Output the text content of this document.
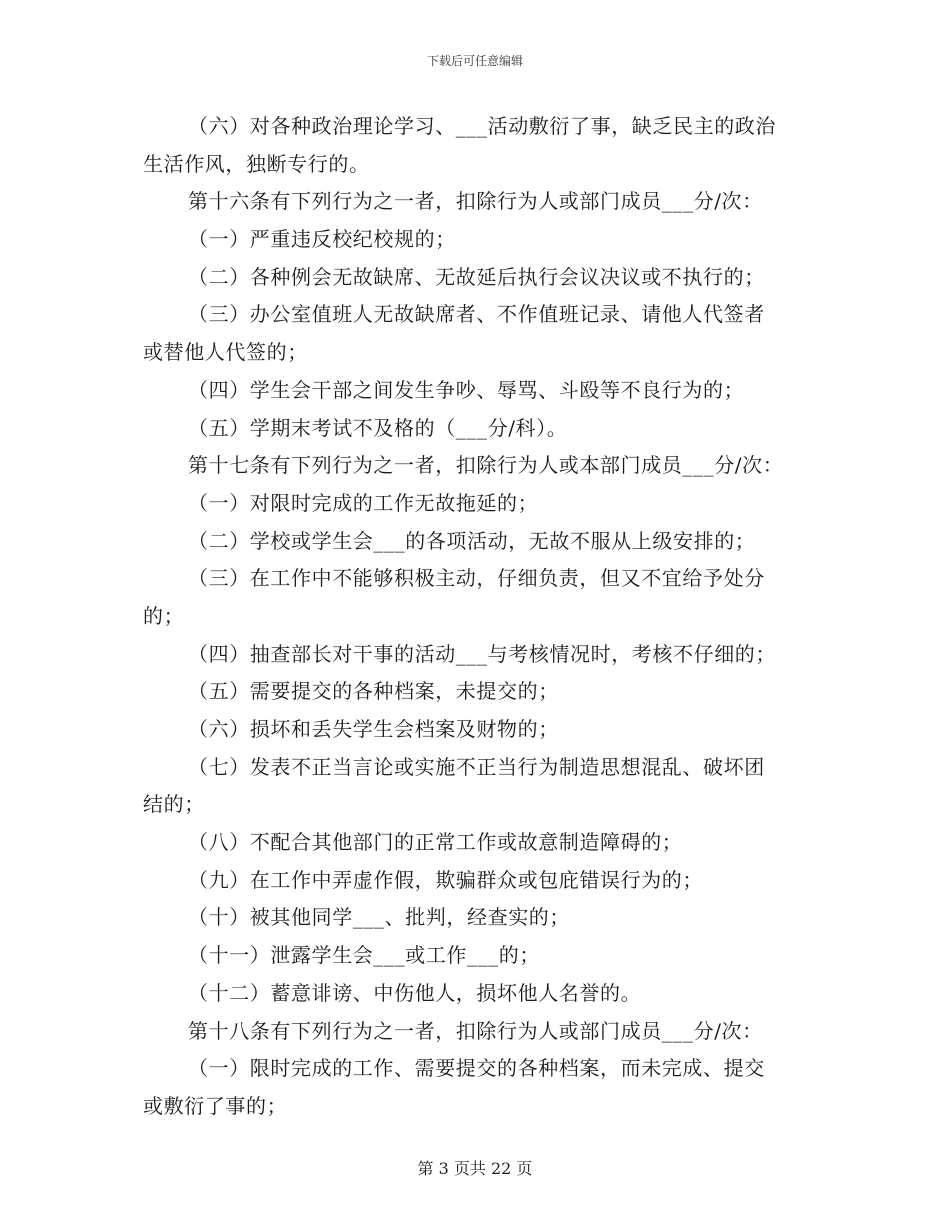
下载后可任意编辑
（六）对各种政治理论学习、___活动敷衍了事，缺乏民主的政治
生活作风，独断专行的。
第十六条有下列行为之一者，扣除行为人或部门成员___分/次：
（一）严重违反校纪校规的；
（二）各种例会无故缺席、无故延后执行会议决议或不执行的；
（三）办公室值班人无故缺席者、不作值班记录、请他人代签者
或替他人代签的；
（四）学生会干部之间发生争吵、辱骂、斗殴等不良行为的；
（五）学期末考试不及格的（___分/科）。
第十七条有下列行为之一者，扣除行为人或本部门成员___分/次：
（一）对限时完成的工作无故拖延的；
（二）学校或学生会___的各项活动，无故不服从上级安排的；
（三）在工作中不能够积极主动，仔细负责，但又不宜给予处分
的；
（四）抽查部长对干事的活动___与考核情况时，考核不仔细的；
（五）需要提交的各种档案，未提交的；
（六）损坏和丢失学生会档案及财物的；
（七）发表不正当言论或实施不正当行为制造思想混乱、破坏团
结的；
（八）不配合其他部门的正常工作或故意制造障碍的；
（九）在工作中弄虚作假，欺骗群众或包庇错误行为的；
（十）被其他同学___、批判，经查实的；
（十一）泄露学生会___或工作___的；
（十二）蓄意诽谤、中伤他人，损坏他人名誉的。
第十八条有下列行为之一者，扣除行为人或部门成员___分/次：
（一）限时完成的工作、需要提交的各种档案，而未完成、提交
或敷衍了事的；
第 3 页共 22 页
